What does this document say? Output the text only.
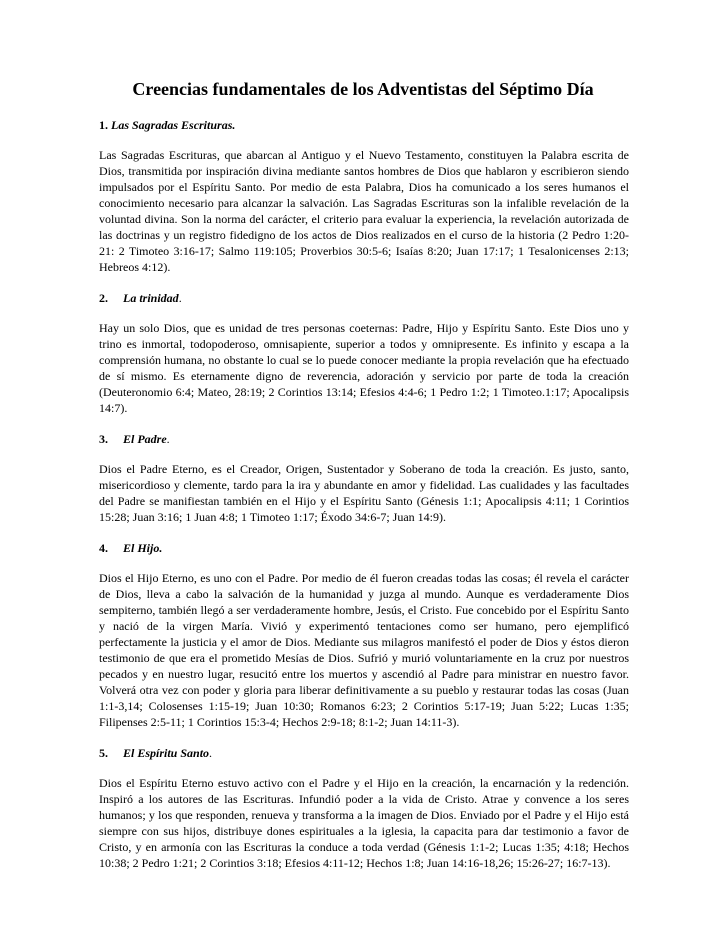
Creencias fundamentales de los Adventistas del Séptimo Día
1. Las Sagradas Escrituras.

Las Sagradas Escrituras, que abarcan al Antiguo y el Nuevo Testamento, constituyen la Palabra escrita de Dios, transmitida por inspiración divina mediante santos hombres de Dios que hablaron y escribieron siendo impulsados por el Espíritu Santo. Por medio de esta Palabra, Dios ha comunicado a los seres humanos el conocimiento necesario para alcanzar la salvación. Las Sagradas Escrituras son la infalible revelación de la voluntad divina. Son la norma del carácter, el criterio para evaluar la experiencia, la revelación autorizada de las doctrinas y un registro fidedigno de los actos de Dios realizados en el curso de la historia (2 Pedro 1:20-21: 2 Timoteo 3:16-17; Salmo 119:105; Proverbios 30:5-6; Isaías 8:20; Juan 17:17; 1 Tesalonicenses 2:13; Hebreos 4:12).

2. La trinidad.

Hay un solo Dios, que es unidad de tres personas coeternas: Padre, Hijo y Espíritu Santo. Este Dios uno y trino es inmortal, todopoderoso, omnisapiente, superior a todos y omnipresente. Es infinito y escapa a la comprensión humana, no obstante lo cual se lo puede conocer mediante la propia revelación que ha efectuado de sí mismo. Es eternamente digno de reverencia, adoración y servicio por parte de toda la creación (Deuteronomio 6:4; Mateo, 28:19; 2 Corintios 13:14; Efesios 4:4-6; 1 Pedro 1:2; 1 Timoteo.1:17; Apocalipsis 14:7).

3. El Padre.

Dios el Padre Eterno, es el Creador, Origen, Sustentador y Soberano de toda la creación. Es justo, santo, misericordioso y clemente, tardo para la ira y abundante en amor y fidelidad. Las cualidades y las facultades del Padre se manifiestan también en el Hijo y el Espíritu Santo (Génesis 1:1; Apocalipsis 4:11; 1 Corintios 15:28; Juan 3:16; 1 Juan 4:8; 1 Timoteo 1:17; Éxodo 34:6-7; Juan 14:9).

4. El Hijo.

Dios el Hijo Eterno, es uno con el Padre. Por medio de él fueron creadas todas las cosas; él revela el carácter de Dios, lleva a cabo la salvación de la humanidad y juzga al mundo. Aunque es verdaderamente Dios sempiterno, también llegó a ser verdaderamente hombre, Jesús, el Cristo. Fue concebido por el Espíritu Santo y nació de la virgen María. Vivió y experimentó tentaciones como ser humano, pero ejemplificó perfectamente la justicia y el amor de Dios. Mediante sus milagros manifestó el poder de Dios y éstos dieron testimonio de que era el prometido Mesías de Dios. Sufrió y murió voluntariamente en la cruz por nuestros pecados y en nuestro lugar, resucitó entre los muertos y ascendió al Padre para ministrar en nuestro favor. Volverá otra vez con poder y gloria para liberar definitivamente a su pueblo y restaurar todas las cosas (Juan 1:1-3,14; Colosenses 1:15-19; Juan 10:30; Romanos 6:23; 2 Corintios 5:17-19; Juan 5:22; Lucas 1:35; Filipenses 2:5-11; 1 Corintios 15:3-4; Hechos 2:9-18; 8:1-2; Juan 14:11-3).

5. El Espíritu Santo.

Dios el Espíritu Eterno estuvo activo con el Padre y el Hijo en la creación, la encarnación y la redención. Inspiró a los autores de las Escrituras. Infundió poder a la vida de Cristo. Atrae y convence a los seres humanos; y los que responden, renueva y transforma a la imagen de Dios. Enviado por el Padre y el Hijo está siempre con sus hijos, distribuye dones espirituales a la iglesia, la capacita para dar testimonio a favor de Cristo, y en armonía con las Escrituras la conduce a toda verdad (Génesis 1:1-2; Lucas 1:35; 4:18; Hechos 10:38; 2 Pedro 1:21; 2 Corintios 3:18; Efesios 4:11-12; Hechos 1:8; Juan 14:16-18,26; 15:26-27; 16:7-13).
